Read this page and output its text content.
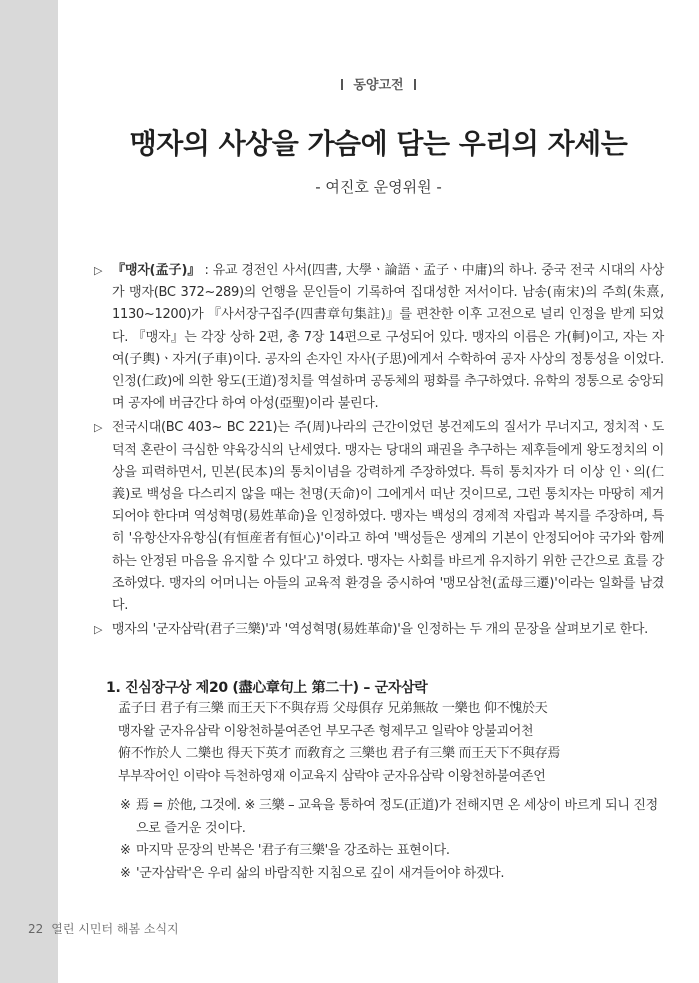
동양고전
맹자의 사상을 가슴에 담는 우리의 자세는
- 여진호 운영위원 -
▷ 『맹자(孟子)』 : 유교 경전인 사서(四書, 大學ㆍ論語ㆍ孟子ㆍ中庸)의 하나. 중국 전국 시대의 사상가 맹자(BC 372~289)의 언행을 문인들이 기록하여 집대성한 저서이다. 남송(南宋)의 주희(朱熹, 1130~1200)가 『사서장구집주(四書章句集註)』를 편찬한 이후 고전으로 널리 인정을 받게 되었다. 『맹자』는 각장 상하 2편, 총 7장 14편으로 구성되어 있다. 맹자의 이름은 가(軻)이고, 자는 자여(子輿)ㆍ자거(子車)이다. 공자의 손자인 자사(子思)에게서 수학하여 공자 사상의 정통성을 이었다. 인정(仁政)에 의한 왕도(王道)정치를 역설하며 공동체의 평화를 추구하였다. 유학의 정통으로 숭앙되며 공자에 버금간다 하여 아성(亞聖)이라 불린다.
▷ 전국시대(BC 403~ BC 221)는 주(周)나라의 근간이었던 봉건제도의 질서가 무너지고, 정치적ㆍ도덕적 혼란이 극심한 약육강식의 난세였다. 맹자는 당대의 패권을 추구하는 제후들에게 왕도정치의 이상을 피력하면서, 민본(民本)의 통치이념을 강력하게 주장하였다. 특히 통치자가 더 이상 인ㆍ의(仁義)로 백성을 다스리지 않을 때는 천명(天命)이 그에게서 떠난 것이므로, 그런 통치자는 마땅히 제거되어야 한다며 역성혁명(易姓革命)을 인정하였다. 맹자는 백성의 경제적 자립과 복지를 주장하며, 특히 '유항산자유항심(有恒産者有恒心)'이라고 하여 '백성들은 생계의 기본이 안정되어야 국가와 함께 하는 안정된 마음을 유지할 수 있다'고 하였다. 맹자는 사회를 바르게 유지하기 위한 근간으로 효를 강조하였다. 맹자의 어머니는 아들의 교육적 환경을 중시하여 '맹모삼천(孟母三遷)'이라는 일화를 남겼다.
▷ 맹자의 '군자삼락(君子三樂)'과 '역성혁명(易姓革命)'을 인정하는 두 개의 문장을 살펴보기로 한다.
1. 진심장구상 제20 (盡心章句上 第二十) – 군자삼락
孟子曰 君子有三樂 而王天下不與存焉 父母俱存 兄弟無故 一樂也 仰不愧於天
맹자왈 군자유삼락 이왕천하불여존언 부모구존 형제무고 일락야 앙불괴어천
俯不怍於人 二樂也 得天下英才 而敎育之 三樂也 君子有三樂 而王天下不與存焉
부부작어인 이락야 득천하영재 이교육지 삼락야 군자유삼락 이왕천하불여존언
※ 焉 = 於他, 그것에. ※ 三樂 – 교육을 통하여 정도(正道)가 전해지면 온 세상이 바르게 되니 진정으로 즐거운 것이다.
※ 마지막 문장의 반복은 '君子有三樂'을 강조하는 표현이다.
※ '군자삼락'은 우리 삶의 바람직한 지침으로 깊이 새겨들어야 하겠다.
22 열린 시민터 해봄 소식지
